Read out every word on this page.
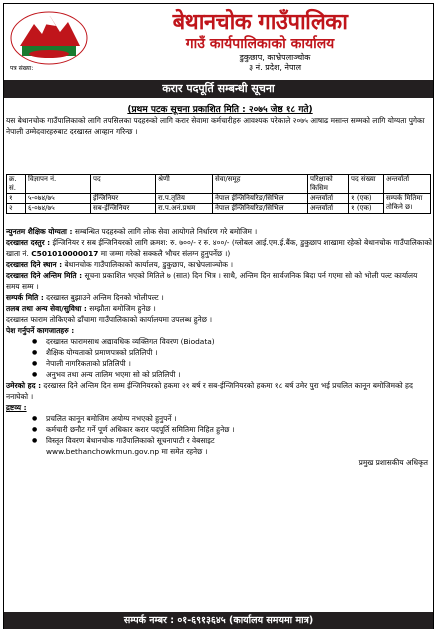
पत्र संख्या:
बेथानचोक गाउँपालिका
गाउँ कार्यपालिकाको कार्यालय
डुकुछाप, काभ्रेपलाञ्चोक
३ नं. प्रदेश, नेपाल
करार पदपूर्ति सम्बन्धी सूचना
(प्रथम पटक सूचना प्रकाशित मिति : २०७५ जेष्ठ १८ गते)
यस बेथानचोक गाउँपालिकाको लागि तपसिलका पदहरुको लागि करार सेवामा कर्मचारीहरु आवश्यक परेकाले २०७५ आषाढ मसान्त सम्मको लागि योग्यता पुगेका नेपाली उम्मेदवारहरुबाट दरखास्त आव्हान गरिन्छ ।
क्र. सं.	विज्ञापन नं.	पद	श्रेणी	सेवा/समूह	परिक्षाको किसिम	पद संख्या	अन्तर्वार्ता
१	५-०७४/७५	ईन्जिनियर	रा.प.तृतिय	नेपाल ईन्जिनियरिङ/सिभिल	अन्तर्वार्ता	१ (एक)	सम्पर्क मितिमा तोकिने छ।
२	६-०७४/७५	सब-ईन्जिनियर	रा.प.अनं.प्रथम	नेपाल ईन्जिनियरिङ/सिभिल	अन्तर्वार्ता	१ (एक)	

न्युनतम शैक्षिक योग्यता : सम्बन्धित पदहरुको लागि लोक सेवा आयोगले निर्धारण गरे बमोजिम ।

दरखास्त दस्तुर : ईन्जिनियर र सब ईन्जिनियरको लागि क्रमश: रु. ७००/- र रु. ४००/- (ग्लोबल आई.एम.ई.बैंक, डुकुछाप शाखामा रहेको बेथानचोक गाउँपालिकाको खाता नं. C501010000017 मा जम्मा गरेको सक्कलै भौचर संलग्न हुनुपर्नेछ ।)

दरखास्त दिने स्थान : बेथानचोक गाउँपालिकाको कार्यालय, डुकुछाप, काभ्रेपलाञ्चोक ।

दरखास्त दिने अन्तिम मिति : सूचना प्रकाशित भएको मितिले ७ (सात) दिन भित्र । साथै, अन्तिम दिन सार्वजनिक बिदा पर्न गएमा सो को भोली पल्ट कार्यालय समय सम्म ।

सम्पर्क मिति : दरखास्त बुझाउने अन्तिम दिनको भोलीपल्ट ।

तलब तथा अन्य सेवा/सुविधा : सम्झौता बमोजिम हुनेछ ।

दरखास्त फाराम तोकिएको ढाँचामा गाउँपालिकाको कार्यालयमा उपलब्ध हुनेछ ।

पेश गर्नुपर्ने कागजातहरु :

● दरखास्त फारामसाथ अद्यावधिक व्यक्तिगत विवरण (Biodata)
● शैक्षिक योग्यताको प्रमाणपत्रको प्रतिलिपी ।
● नेपाली नागरिकताको प्रतिलिपी ।
● अनुभव तथा अन्य तालिम भएमा सो को प्रतिलिपी ।

उमेरको हद : दरखास्त दिने अन्तिम दिन सम्म ईन्जिनियरको हकमा २१ बर्ष र सब-ईन्जिनियरको हकमा १८ बर्ष उमेर पुरा भई प्रचलित कानून बमोजिमको हद ननाघेको ।

द्रष्टव्य :

● प्रचलित कानून बमोजिम अयोग्य नभएको हुनुपर्ने ।
● कर्मचारी छनौट गर्ने पूर्ण अधिकार करार पदपूर्ति समितिमा निहित हुनेछ ।
● विस्तृत विवरण बेथानचोक गाउँपालिकाको सूचनापाटी र वेबसाइट
www.bethanchowkmun.gov.np मा समेत रहनेछ ।

प्रमुख प्रशासकीय अधिकृत

सम्पर्क नम्बर : ०१-६९१३६४५ (कार्यालय समयमा मात्र)
